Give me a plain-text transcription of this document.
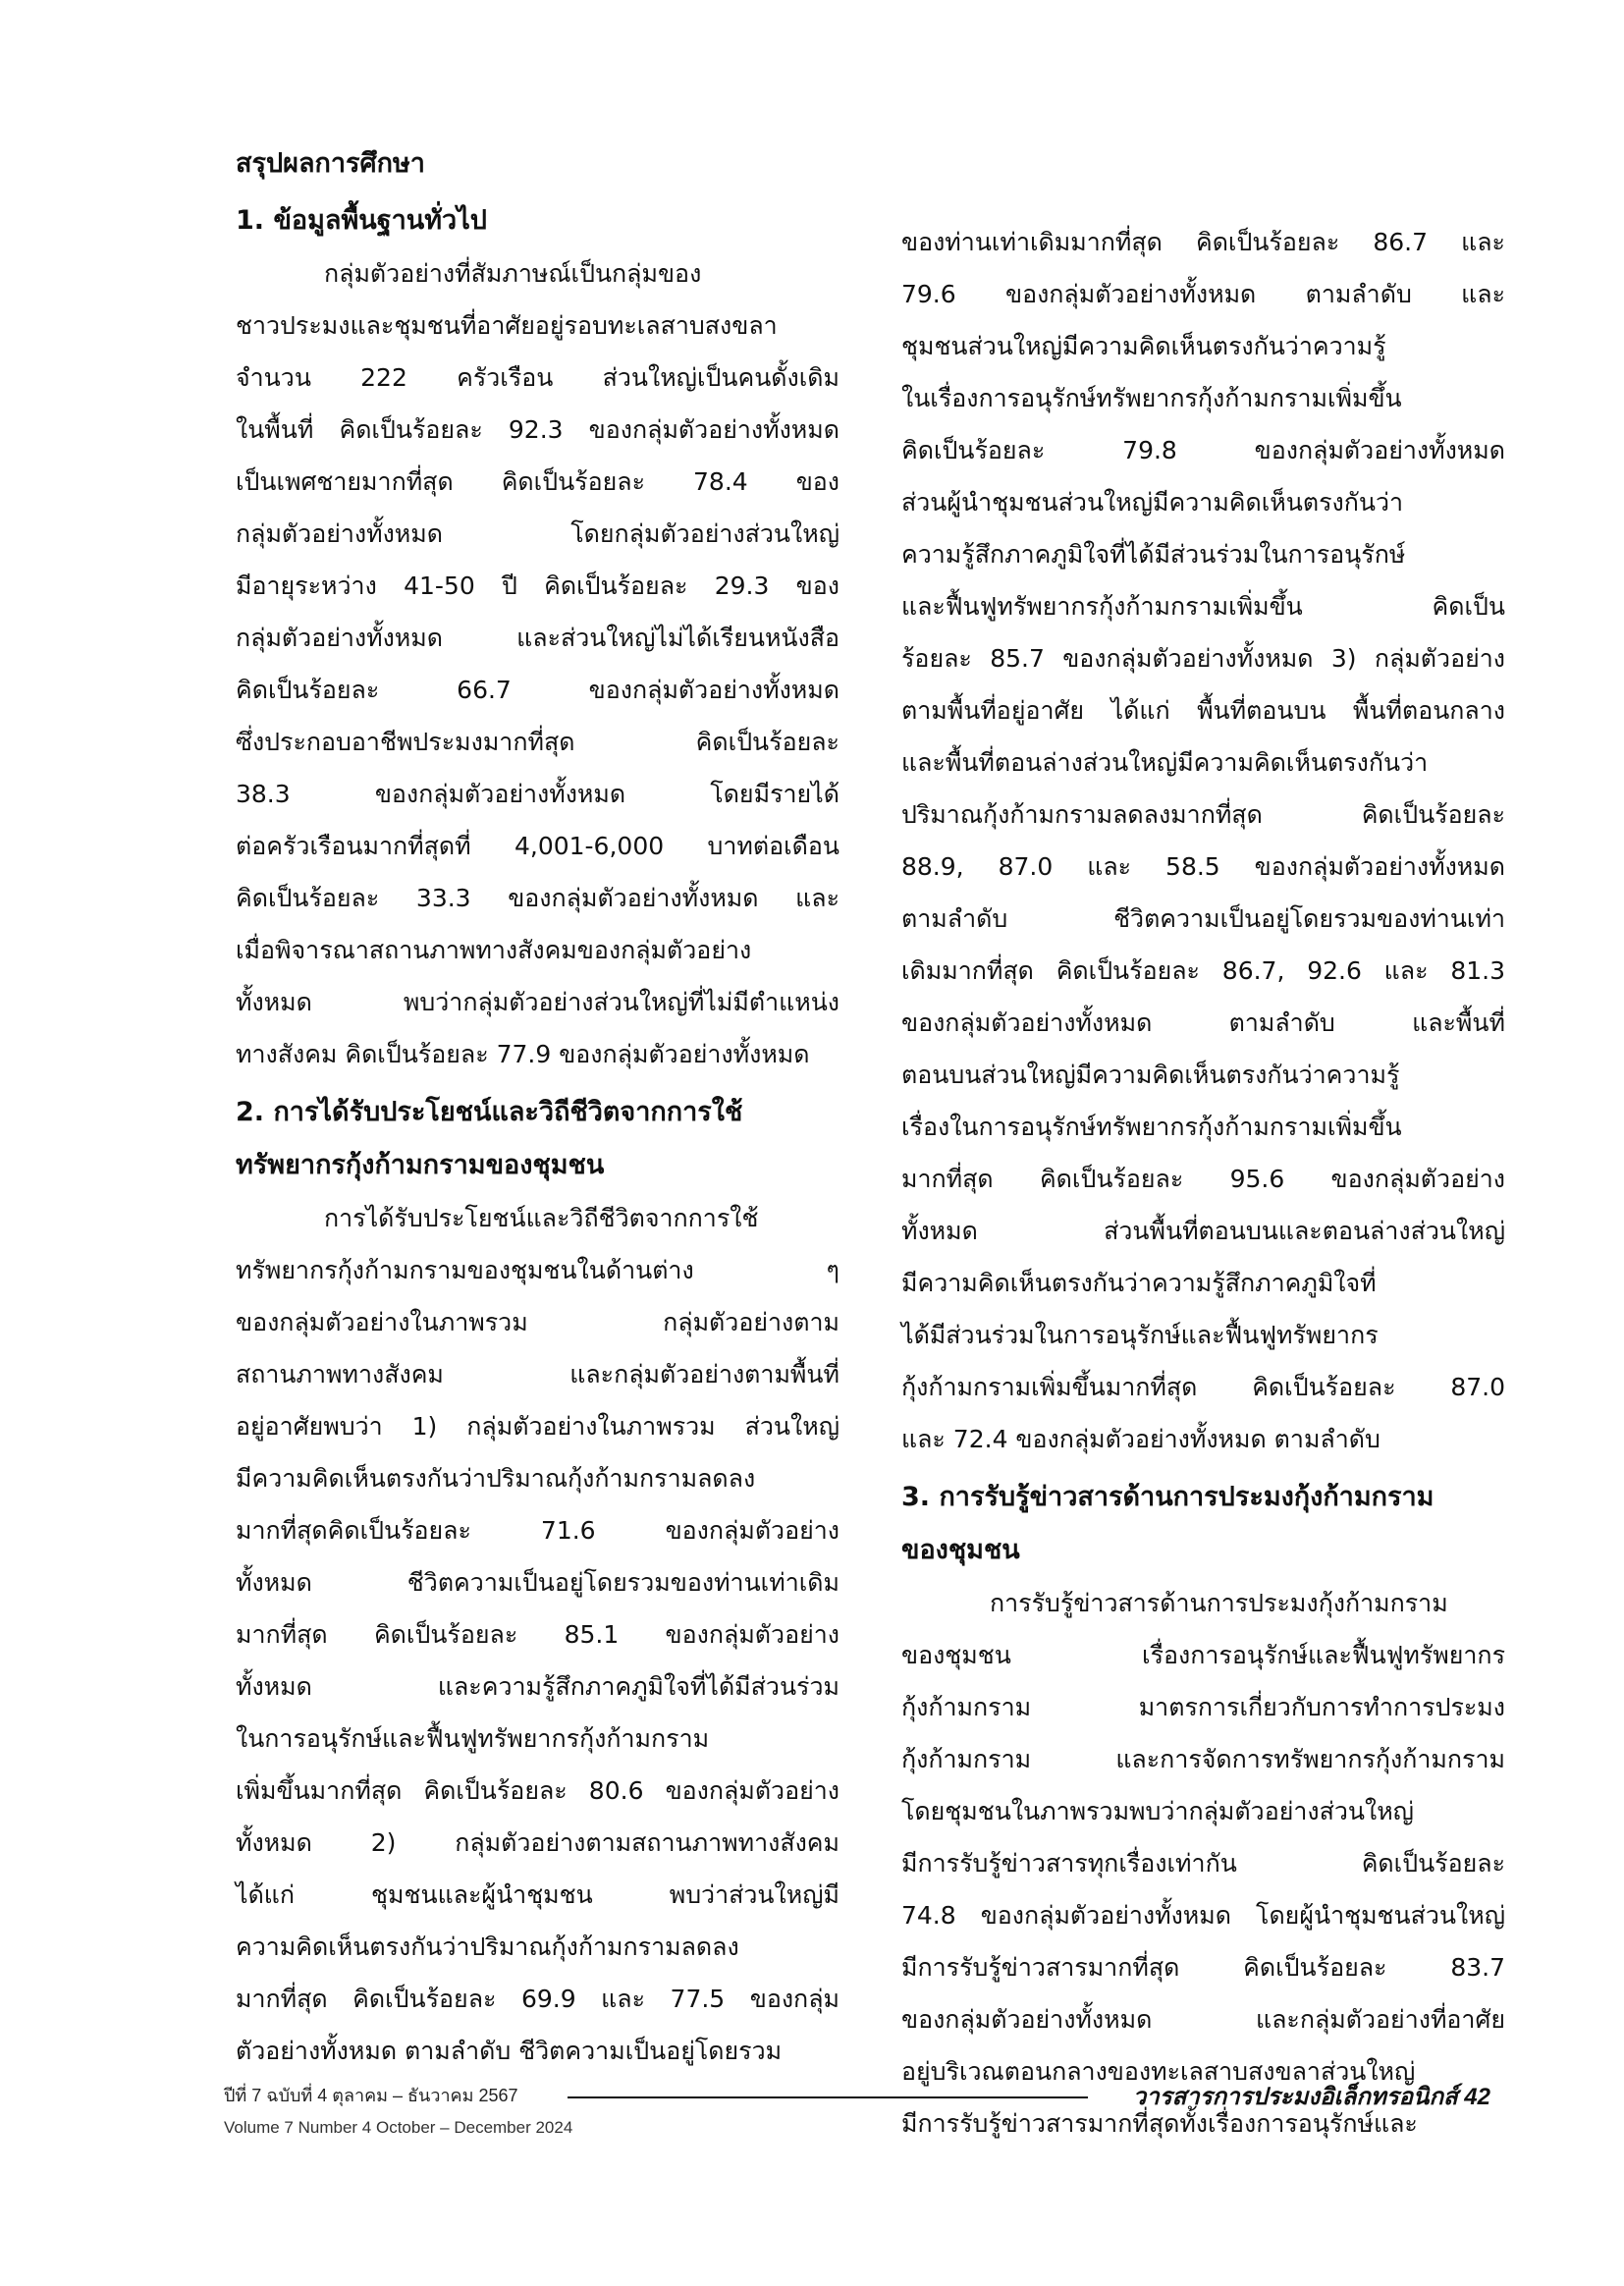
สรุปผลการศึกษา
1. ข้อมูลพื้นฐานทั่วไป
กลุ่มตัวอย่างที่สัมภาษณ์เป็นกลุ่มของ
ชาวประมงและชุมชนที่อาศัยอยู่รอบทะเลสาบสงขลา
จำนวน 222 ครัวเรือน ส่วนใหญ่เป็นคนดั้งเดิม
ในพื้นที่ คิดเป็นร้อยละ 92.3 ของกลุ่มตัวอย่างทั้งหมด
เป็นเพศชายมากที่สุด คิดเป็นร้อยละ 78.4 ของ
กลุ่มตัวอย่างทั้งหมด โดยกลุ่มตัวอย่างส่วนใหญ่
มีอายุระหว่าง 41-50 ปี คิดเป็นร้อยละ 29.3 ของ
กลุ่มตัวอย่างทั้งหมด และส่วนใหญ่ไม่ได้เรียนหนังสือ
คิดเป็นร้อยละ 66.7 ของกลุ่มตัวอย่างทั้งหมด
ซึ่งประกอบอาชีพประมงมากที่สุด คิดเป็นร้อยละ
38.3 ของกลุ่มตัวอย่างทั้งหมด โดยมีรายได้
ต่อครัวเรือนมากที่สุดที่ 4,001-6,000 บาทต่อเดือน
คิดเป็นร้อยละ 33.3 ของกลุ่มตัวอย่างทั้งหมด และ
เมื่อพิจารณาสถานภาพทางสังคมของกลุ่มตัวอย่าง
ทั้งหมด พบว่ากลุ่มตัวอย่างส่วนใหญ่ที่ไม่มีตำแหน่ง
ทางสังคม คิดเป็นร้อยละ 77.9 ของกลุ่มตัวอย่างทั้งหมด
2. การได้รับประโยชน์และวิถีชีวิตจากการใช้
ทรัพยากรกุ้งก้ามกรามของชุมชน
การได้รับประโยชน์และวิถีชีวิตจากการใช้
ทรัพยากรกุ้งก้ามกรามของชุมชนในด้านต่าง ๆ
ของกลุ่มตัวอย่างในภาพรวม กลุ่มตัวอย่างตาม
สถานภาพทางสังคม และกลุ่มตัวอย่างตามพื้นที่
อยู่อาศัยพบว่า 1) กลุ่มตัวอย่างในภาพรวม ส่วนใหญ่
มีความคิดเห็นตรงกันว่าปริมาณกุ้งก้ามกรามลดลง
มากที่สุดคิดเป็นร้อยละ 71.6 ของกลุ่มตัวอย่าง
ทั้งหมด ชีวิตความเป็นอยู่โดยรวมของท่านเท่าเดิม
มากที่สุด คิดเป็นร้อยละ 85.1 ของกลุ่มตัวอย่าง
ทั้งหมด และความรู้สึกภาคภูมิใจที่ได้มีส่วนร่วม
ในการอนุรักษ์และฟื้นฟูทรัพยากรกุ้งก้ามกราม
เพิ่มขึ้นมากที่สุด คิดเป็นร้อยละ 80.6 ของกลุ่มตัวอย่าง
ทั้งหมด 2) กลุ่มตัวอย่างตามสถานภาพทางสังคม
ได้แก่ ชุมชนและผู้นำชุมชน พบว่าส่วนใหญ่มี
ความคิดเห็นตรงกันว่าปริมาณกุ้งก้ามกรามลดลง
มากที่สุด คิดเป็นร้อยละ 69.9 และ 77.5 ของกลุ่ม
ตัวอย่างทั้งหมด ตามลำดับ ชีวิตความเป็นอยู่โดยรวม
ของท่านเท่าเดิมมากที่สุด คิดเป็นร้อยละ 86.7 และ
79.6 ของกลุ่มตัวอย่างทั้งหมด ตามลำดับ และ
ชุมชนส่วนใหญ่มีความคิดเห็นตรงกันว่าความรู้
ในเรื่องการอนุรักษ์ทรัพยากรกุ้งก้ามกรามเพิ่มขึ้น
คิดเป็นร้อยละ 79.8 ของกลุ่มตัวอย่างทั้งหมด
ส่วนผู้นำชุมชนส่วนใหญ่มีความคิดเห็นตรงกันว่า
ความรู้สึกภาคภูมิใจที่ได้มีส่วนร่วมในการอนุรักษ์
และฟื้นฟูทรัพยากรกุ้งก้ามกรามเพิ่มขึ้น คิดเป็น
ร้อยละ 85.7 ของกลุ่มตัวอย่างทั้งหมด 3) กลุ่มตัวอย่าง
ตามพื้นที่อยู่อาศัย ได้แก่ พื้นที่ตอนบน พื้นที่ตอนกลาง
และพื้นที่ตอนล่างส่วนใหญ่มีความคิดเห็นตรงกันว่า
ปริมาณกุ้งก้ามกรามลดลงมากที่สุด คิดเป็นร้อยละ
88.9, 87.0 และ 58.5 ของกลุ่มตัวอย่างทั้งหมด
ตามลำดับ ชีวิตความเป็นอยู่โดยรวมของท่านเท่า
เดิมมากที่สุด คิดเป็นร้อยละ 86.7, 92.6 และ 81.3
ของกลุ่มตัวอย่างทั้งหมด ตามลำดับ และพื้นที่
ตอนบนส่วนใหญ่มีความคิดเห็นตรงกันว่าความรู้
เรื่องในการอนุรักษ์ทรัพยากรกุ้งก้ามกรามเพิ่มขึ้น
มากที่สุด คิดเป็นร้อยละ 95.6 ของกลุ่มตัวอย่าง
ทั้งหมด ส่วนพื้นที่ตอนบนและตอนล่างส่วนใหญ่
มีความคิดเห็นตรงกันว่าความรู้สึกภาคภูมิใจที่
ได้มีส่วนร่วมในการอนุรักษ์และฟื้นฟูทรัพยากร
กุ้งก้ามกรามเพิ่มขึ้นมากที่สุด คิดเป็นร้อยละ 87.0
และ 72.4 ของกลุ่มตัวอย่างทั้งหมด ตามลำดับ
3. การรับรู้ข่าวสารด้านการประมงกุ้งก้ามกราม
ของชุมชน
การรับรู้ข่าวสารด้านการประมงกุ้งก้ามกราม
ของชุมชน เรื่องการอนุรักษ์และฟื้นฟูทรัพยากร
กุ้งก้ามกราม มาตรการเกี่ยวกับการทำการประมง
กุ้งก้ามกราม และการจัดการทรัพยากรกุ้งก้ามกราม
โดยชุมชนในภาพรวมพบว่ากลุ่มตัวอย่างส่วนใหญ่
มีการรับรู้ข่าวสารทุกเรื่องเท่ากัน คิดเป็นร้อยละ
74.8 ของกลุ่มตัวอย่างทั้งหมด โดยผู้นำชุมชนส่วนใหญ่
มีการรับรู้ข่าวสารมากที่สุด คิดเป็นร้อยละ 83.7
ของกลุ่มตัวอย่างทั้งหมด และกลุ่มตัวอย่างที่อาศัย
อยู่บริเวณตอนกลางของทะเลสาบสงขลาส่วนใหญ่
มีการรับรู้ข่าวสารมากที่สุดทั้งเรื่องการอนุรักษ์และ
ปีที่ 7 ฉบับที่ 4 ตุลาคม – ธันวาคม 2567	วารสารการประมงอิเล็กทรอนิกส์ 42
Volume 7 Number 4 October – December 2024
